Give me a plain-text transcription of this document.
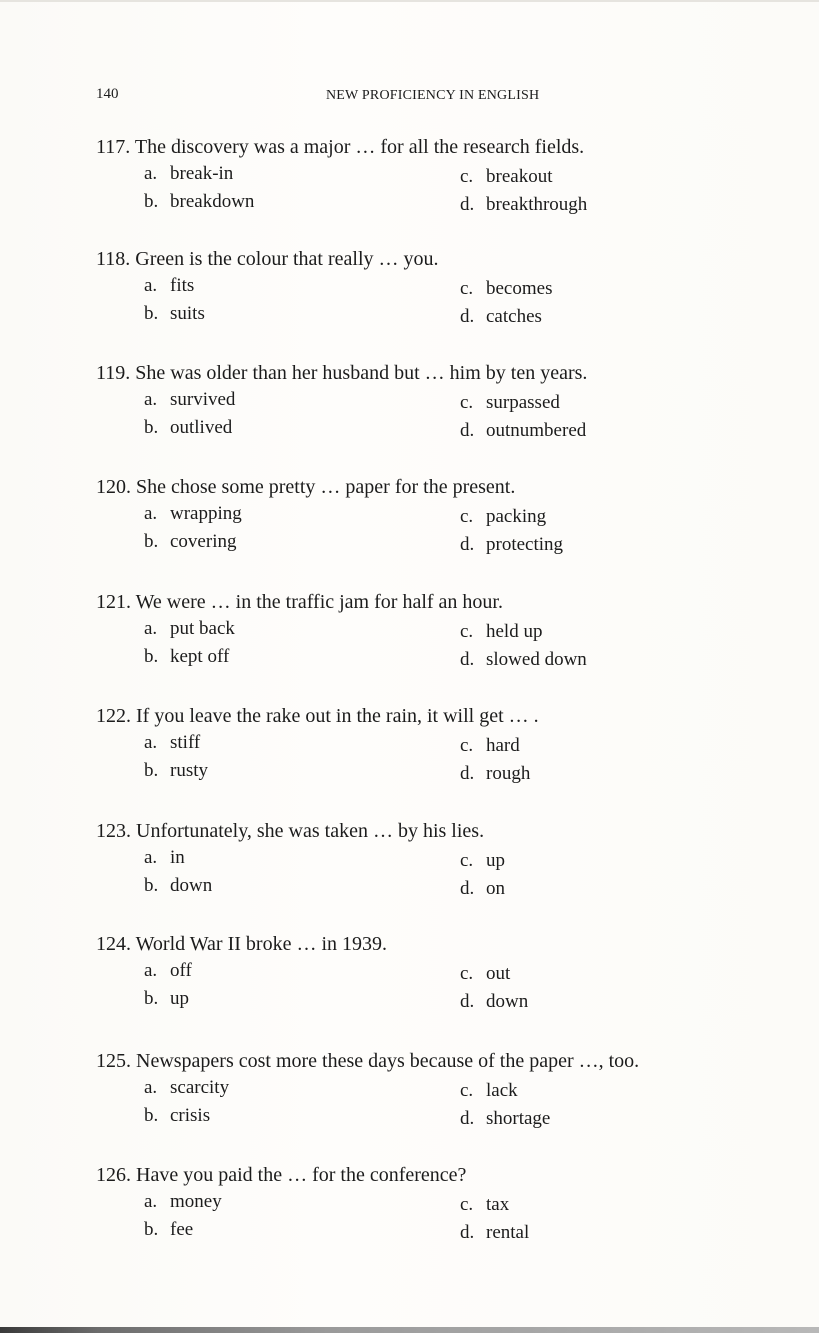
140	NEW PROFICIENCY IN ENGLISH
117. The discovery was a major … for all the research fields.
a. break-in
b. breakdown
c. breakout
d. breakthrough
118. Green is the colour that really … you.
a. fits
b. suits
c. becomes
d. catches
119. She was older than her husband but … him by ten years.
a. survived
b. outlived
c. surpassed
d. outnumbered
120. She chose some pretty … paper for the present.
a. wrapping
b. covering
c. packing
d. protecting
121. We were … in the traffic jam for half an hour.
a. put back
b. kept off
c. held up
d. slowed down
122. If you leave the rake out in the rain, it will get … .
a. stiff
b. rusty
c. hard
d. rough
123. Unfortunately, she was taken … by his lies.
a. in
b. down
c. up
d. on
124. World War II broke … in 1939.
a. off
b. up
c. out
d. down
125. Newspapers cost more these days because of the paper …, too.
a. scarcity
b. crisis
c. lack
d. shortage
126. Have you paid the … for the conference?
a. money
b. fee
c. tax
d. rental
